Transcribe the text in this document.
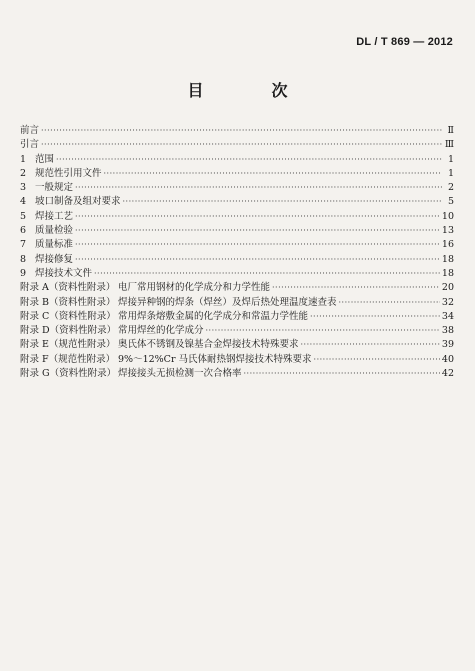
DL / T 869 — 2012
目　次
前言 ·····	Ⅱ
引言 ·····	Ⅲ
1 范围 ·····	1
2 规范性引用文件 ·····	1
3 一般规定 ·····	2
4 坡口制备及组对要求 ·····	5
5 焊接工艺 ·····	10
6 质量检验 ·····	13
7 质量标准 ·····	16
8 焊接修复 ·····	18
9 焊接技术文件 ·····	18
附录 A（资料性附录） 电厂常用钢材的化学成分和力学性能 ·····	20
附录 B（资料性附录） 焊接异种钢的焊条（焊丝）及焊后热处理温度速查表 ·····	32
附录 C（资料性附录） 常用焊条熔敷金属的化学成分和常温力学性能 ·····	34
附录 D（资料性附录） 常用焊丝的化学成分 ·····	38
附录 E（规范性附录） 奥氏体不锈钢及镍基合金焊接技术特殊要求 ·····	39
附录 F（规范性附录） 9%～12%Cr 马氏体耐热钢焊接技术特殊要求 ·····	40
附录 G（资料性附录） 焊接接头无损检测一次合格率 ·····	42
